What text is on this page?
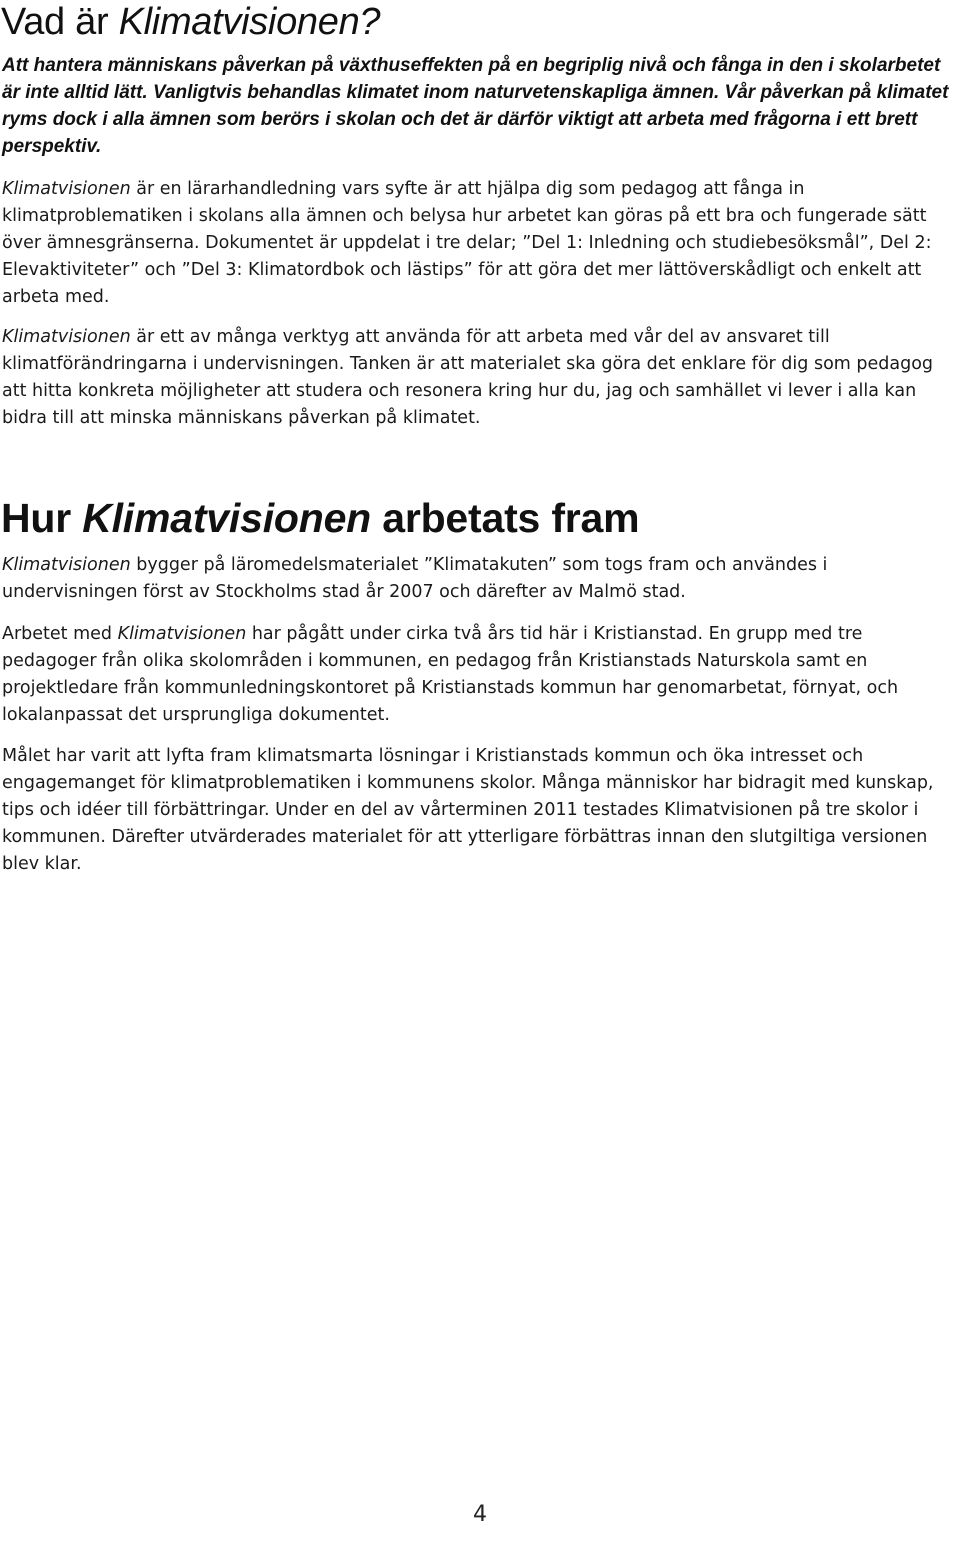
Vad är Klimatvisionen?

Att hantera människans påverkan på växthuseffekten på en begriplig nivå och fånga in den i skolarbetet är inte alltid lätt. Vanligtvis behandlas klimatet inom naturvetenskapliga ämnen. Vår påverkan på klimatet ryms dock i alla ämnen som berörs i skolan och det är därför viktigt att arbeta med frågorna i ett brett perspektiv.

Klimatvisionen är en lärarhandledning vars syfte är att hjälpa dig som pedagog att fånga in klimatproblematiken i skolans alla ämnen och belysa hur arbetet kan göras på ett bra och fungerade sätt över ämnesgränserna. Dokumentet är uppdelat i tre delar; ”Del 1: Inledning och studiebesöksmål”, Del 2: Elevaktiviteter” och ”Del 3: Klimatordbok och lästips” för att göra det mer lättöverskådligt och enkelt att arbeta med.

Klimatvisionen är ett av många verktyg att använda för att arbeta med vår del av ansvaret till klimatförändringarna i undervisningen. Tanken är att materialet ska göra det enklare för dig som pedagog att hitta konkreta möjligheter att studera och resonera kring hur du, jag och samhället vi lever i alla kan bidra till att minska människans påverkan på klimatet.

Hur Klimatvisionen arbetats fram

Klimatvisionen bygger på läromedelsmaterialet ”Klimatakuten” som togs fram och användes i undervisningen först av Stockholms stad år 2007 och därefter av Malmö stad.

Arbetet med Klimatvisionen har pågått under cirka två års tid här i Kristianstad. En grupp med tre pedagoger från olika skolområden i kommunen, en pedagog från Kristianstads Naturskola samt en projektledare från kommunledningskontoret på Kristianstads kommun har genomarbetat, förnyat, och lokalanpassat det ursprungliga dokumentet.

Målet har varit att lyfta fram klimatsmarta lösningar i Kristianstads kommun och öka intresset och engagemanget för klimatproblematiken i kommunens skolor. Många människor har bidragit med kunskap, tips och idéer till förbättringar. Under en del av vårterminen 2011 testades Klimatvisionen på tre skolor i kommunen. Därefter utvärderades materialet för att ytterligare förbättras innan den slutgiltiga versionen blev klar.

4
